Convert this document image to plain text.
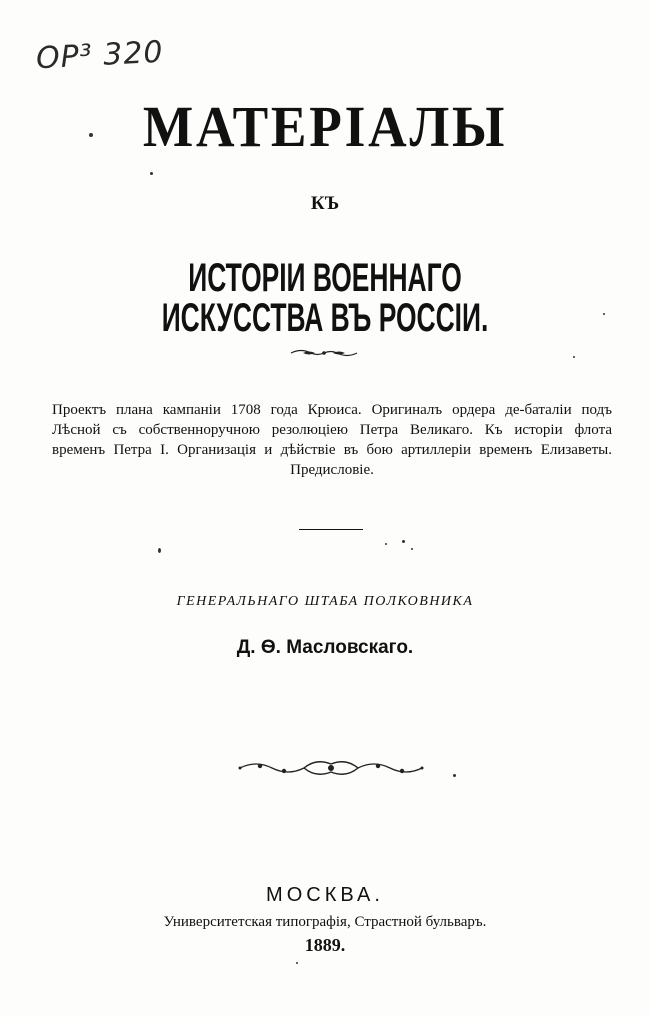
ОР³ 320
МАТЕРІАЛЫ
КЪ
ИСТОРІИ ВОЕННАГО ИСКУССТВА ВЪ РОССІИ.
Проектъ плана кампаніи 1708 года Крюиса. Оригиналъ ордера де-баталіи подъ
Лѣсной съ собственноручною резолюціею Петра Великаго. Къ исторіи флота
временъ Петра I. Организація и дѣйствіе въ бою артиллеріи временъ Елизаветы.
Предисловіе.
ГЕНЕРАЛЬНАГО ШТАБА ПОЛКОВНИКА
Д. Ѳ. Масловскаго.
МОСКВА.
Университетская типографія, Страстной бульваръ.
1889.
